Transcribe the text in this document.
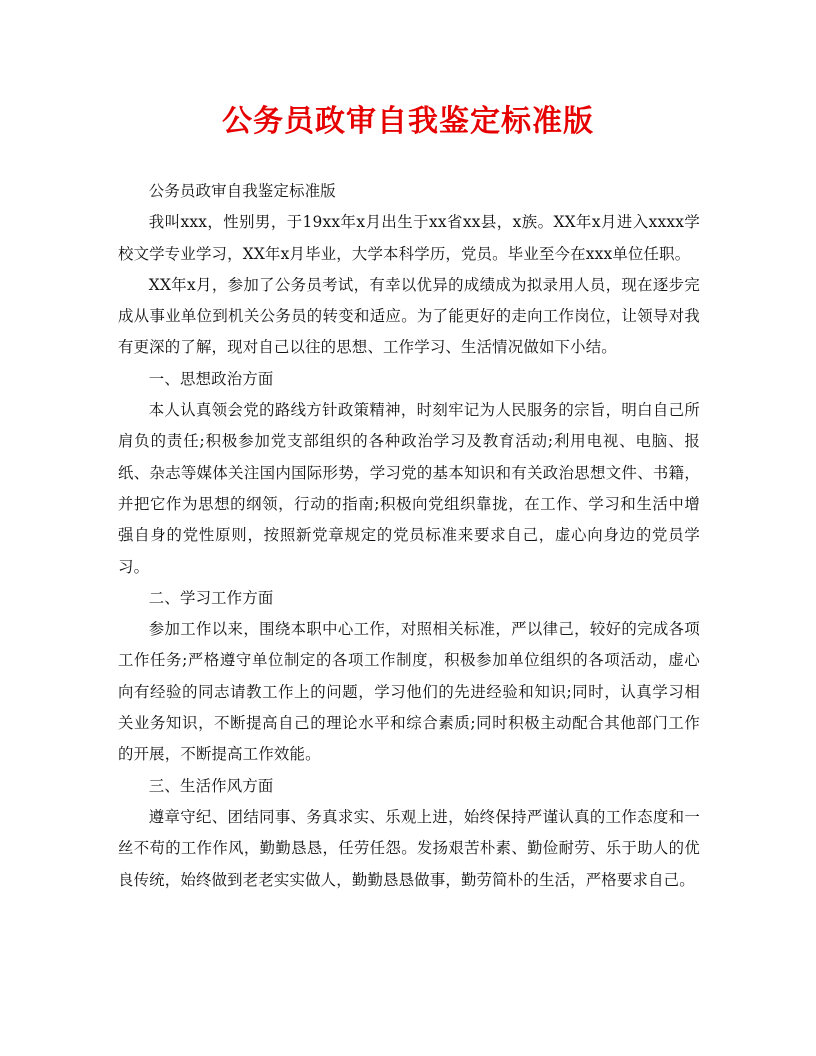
公务员政审自我鉴定标准版

公务员政审自我鉴定标准版

我叫xxx，性别男，于19xx年x月出生于xx省xx县，x族。XX年x月进入xxxx学校文学专业学习，XX年x月毕业，大学本科学历，党员。毕业至今在xxx单位任职。

XX年x月，参加了公务员考试，有幸以优异的成绩成为拟录用人员，现在逐步完成从事业单位到机关公务员的转变和适应。为了能更好的走向工作岗位，让领导对我有更深的了解，现对自己以往的思想、工作学习、生活情况做如下小结。

一、思想政治方面

本人认真领会党的路线方针政策精神，时刻牢记为人民服务的宗旨，明白自己所肩负的责任;积极参加党支部组织的各种政治学习及教育活动;利用电视、电脑、报纸、杂志等媒体关注国内国际形势，学习党的基本知识和有关政治思想文件、书籍，并把它作为思想的纲领，行动的指南;积极向党组织靠拢，在工作、学习和生活中增强自身的党性原则，按照新党章规定的党员标准来要求自己，虚心向身边的党员学习。

二、学习工作方面

参加工作以来，围绕本职中心工作，对照相关标准，严以律己，较好的完成各项工作任务;严格遵守单位制定的各项工作制度，积极参加单位组织的各项活动，虚心向有经验的同志请教工作上的问题，学习他们的先进经验和知识;同时，认真学习相关业务知识，不断提高自己的理论水平和综合素质;同时积极主动配合其他部门工作的开展，不断提高工作效能。

三、生活作风方面

遵章守纪、团结同事、务真求实、乐观上进，始终保持严谨认真的工作态度和一丝不苟的工作作风，勤勤恳恳，任劳任怨。发扬艰苦朴素、勤俭耐劳、乐于助人的优良传统，始终做到老老实实做人，勤勤恳恳做事，勤劳简朴的生活，严格要求自己。
